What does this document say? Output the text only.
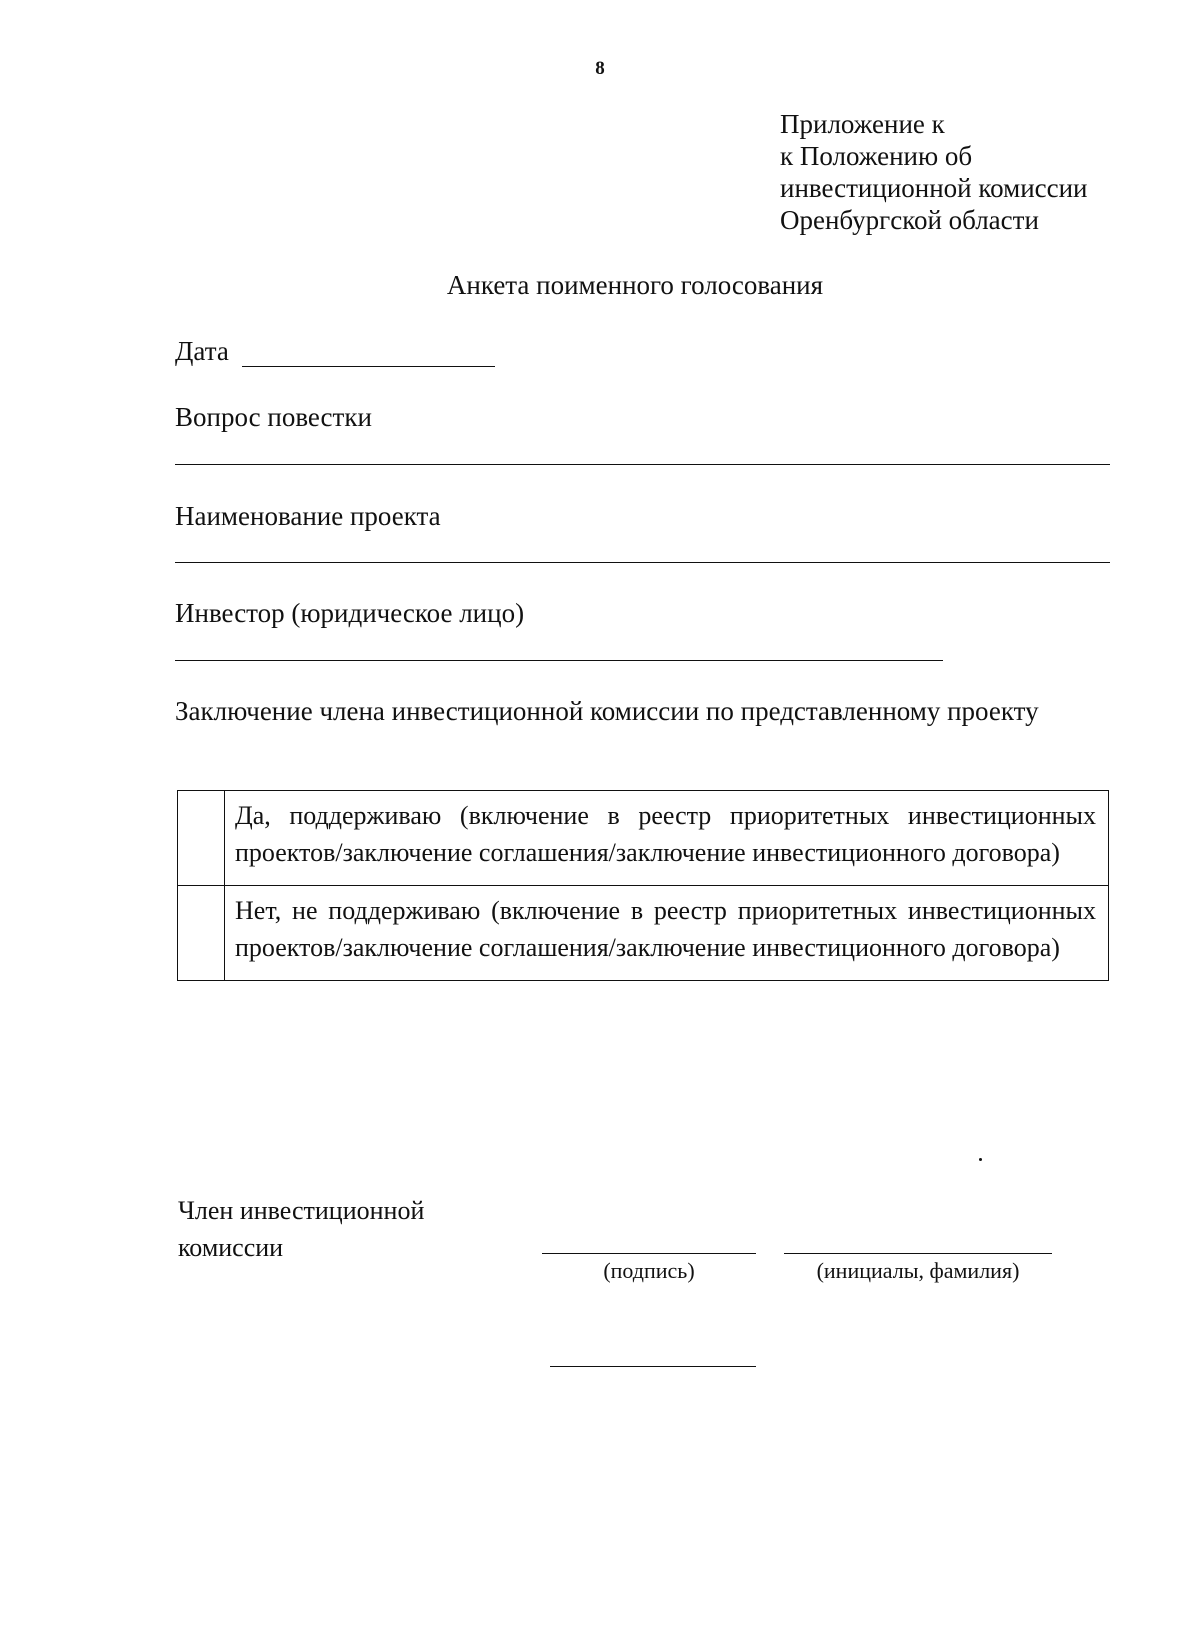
8
Приложение к
к Положению об
инвестиционной комиссии
Оренбургской области
Анкета поименного голосования
Дата
Вопрос повестки
Наименование проекта
Инвестор (юридическое лицо)
Заключение члена инвестиционной комиссии по представленному проекту
	Да, поддерживаю (включение в реестр приоритетных инвестиционных проектов/заключение соглашения/заключение инвестиционного договора)
	Нет, не поддерживаю (включение в реестр приоритетных инвестиционных проектов/заключение соглашения/заключение инвестиционного договора)
Член инвестиционной
комиссии
(подпись)	(инициалы, фамилия)
